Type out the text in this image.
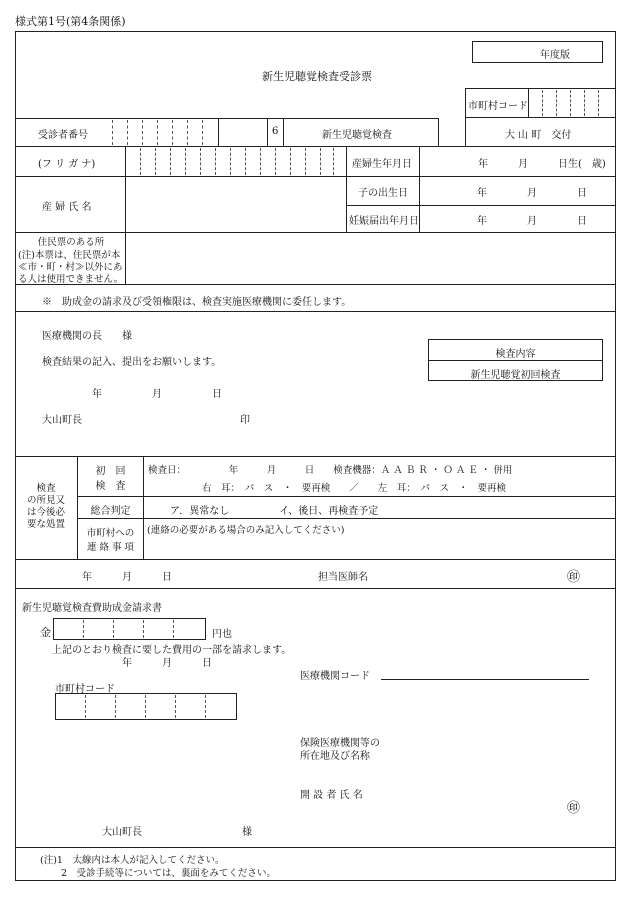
様式第1号(第4条関係)
年度版
新生児聴覚検査受診票
市町村コード
受診者番号	6	新生児聴覚検査	大 山 町　交付
(フ リ ガ ナ)	産婦生年月日	年　　　月　　　日生(　歳)
産 婦 氏 名
子の出生日	年　　　　月　　　　日
妊娠届出年月日	年　　　　月　　　　日
住民票のある所
(注)本票は、住民票が本
≪市・町・村≫以外にあ
る人は使用できません。
※　助成金の請求及び受領権限は、検査実施医療機関に委任します。
医療機関の長　　様
検査結果の記入、提出をお願いします。
年　　　　　月　　　　　日
大山町長	印
検査内容
新生児聴覚初回検査
検査
の所見又
は今後必
要な処置
初　回
検　査
検査日：　　　　　年　　　月　　　日　　検査機器：Ａ Ａ Ｂ Ｒ ・ Ｏ Ａ Ｅ ・ 併用
右　耳：　パ　ス　・　要再検　　／　　左　耳：　パ　ス　・　要再検
総合判定	ア．異常なし　　　　　イ、後日、再検査予定
市町村への
連 絡 事 項
(連絡の必要がある場合のみ記入してください)
年　　　月　　　日	担当医師名	㊞
新生児聴覚検査費助成金請求書
金	円也
上記のとおり検査に要した費用の一部を請求します。
年　　　月　　　日
医療機関コード
市町村コード
保険医療機関等の
所在地及び名称
開 設 者 氏 名
㊞
大山町長　　　　　　　　　　様
(注)1　太線内は本人が記入してください。
2　受診手続等については、裏面をみてください。
